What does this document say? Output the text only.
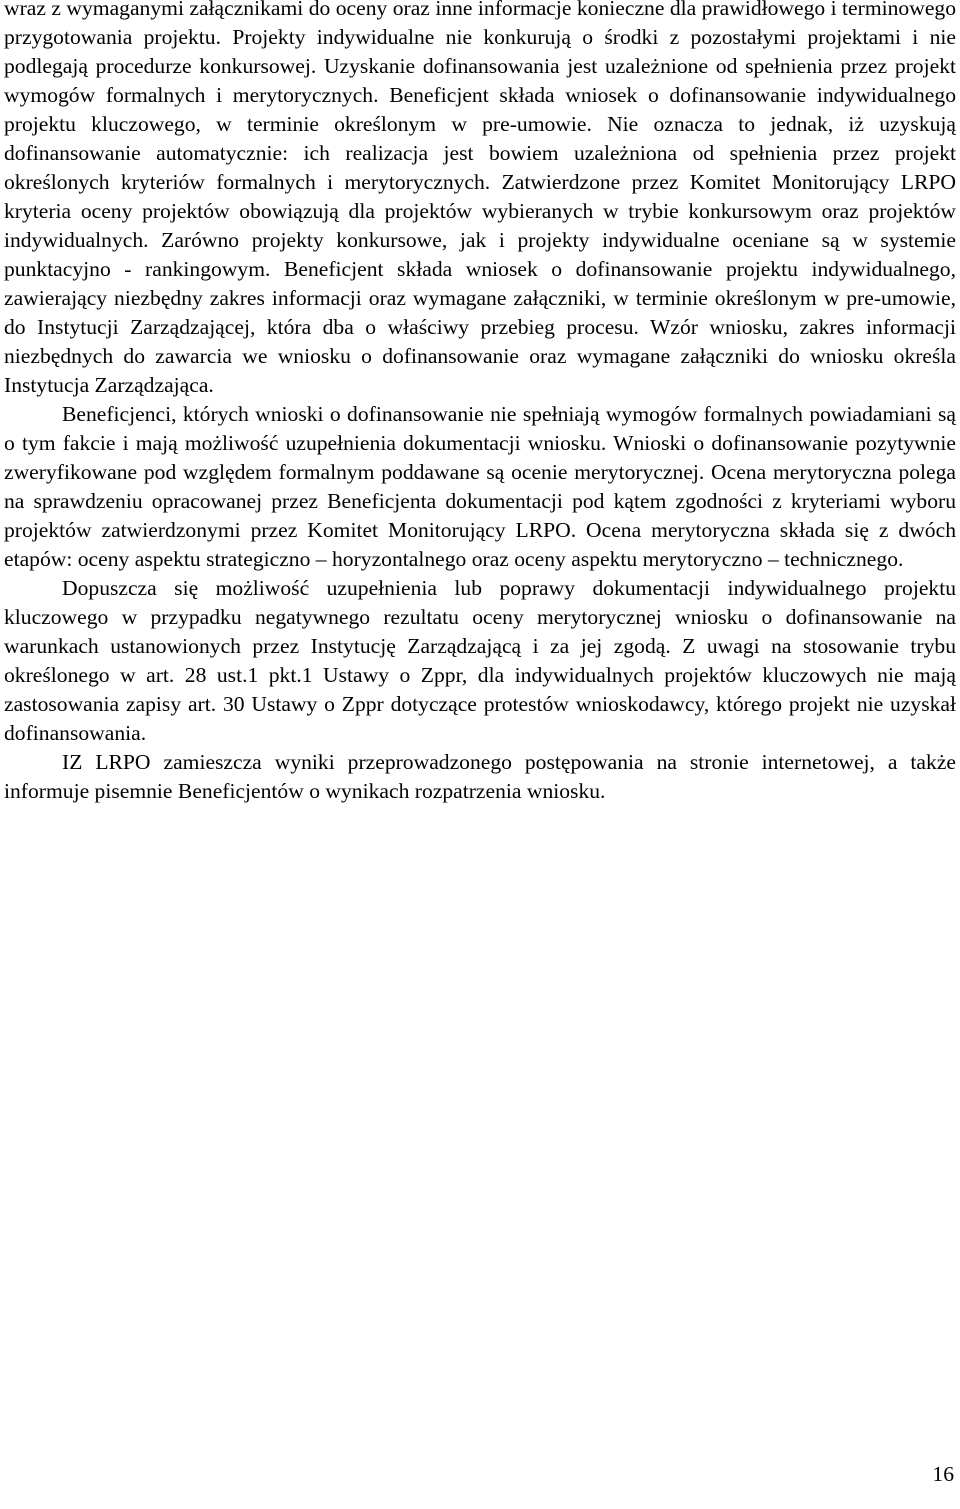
wraz z wymaganymi załącznikami do oceny oraz inne informacje konieczne dla prawidłowego i terminowego przygotowania projektu. Projekty indywidualne nie konkurują o środki z pozostałymi projektami i nie podlegają procedurze konkursowej. Uzyskanie dofinansowania jest uzależnione od spełnienia przez projekt wymogów formalnych i merytorycznych. Beneficjent składa wniosek o dofinansowanie indywidualnego projektu kluczowego, w terminie określonym w pre-umowie. Nie oznacza to jednak, iż uzyskują dofinansowanie automatycznie: ich realizacja jest bowiem uzależniona od spełnienia przez projekt określonych kryteriów formalnych i merytorycznych. Zatwierdzone przez Komitet Monitorujący LRPO kryteria oceny projektów obowiązują dla projektów wybieranych w trybie konkursowym oraz projektów indywidualnych. Zarówno projekty konkursowe, jak i projekty indywidualne oceniane są w systemie punktacyjno - rankingowym. Beneficjent składa wniosek o dofinansowanie projektu indywidualnego, zawierający niezbędny zakres informacji oraz wymagane załączniki, w terminie określonym w pre-umowie, do Instytucji Zarządzającej, która dba o właściwy przebieg procesu. Wzór wniosku, zakres informacji niezbędnych do zawarcia we wniosku o dofinansowanie oraz wymagane załączniki do wniosku określa Instytucja Zarządzająca.

Beneficjenci, których wnioski o dofinansowanie nie spełniają wymogów formalnych powiadamiani są o tym fakcie i mają możliwość uzupełnienia dokumentacji wniosku. Wnioski o dofinansowanie pozytywnie zweryfikowane pod względem formalnym poddawane są ocenie merytorycznej. Ocena merytoryczna polega na sprawdzeniu opracowanej przez Beneficjenta dokumentacji pod kątem zgodności z kryteriami wyboru projektów zatwierdzonymi przez Komitet Monitorujący LRPO. Ocena merytoryczna składa się z dwóch etapów: oceny aspektu strategiczno – horyzontalnego oraz oceny aspektu merytoryczno – technicznego.

Dopuszcza się możliwość uzupełnienia lub poprawy dokumentacji indywidualnego projektu kluczowego w przypadku negatywnego rezultatu oceny merytorycznej wniosku o dofinansowanie na warunkach ustanowionych przez Instytucję Zarządzającą i za jej zgodą. Z uwagi na stosowanie trybu określonego w art. 28 ust.1 pkt.1 Ustawy o Zppr, dla indywidualnych projektów kluczowych nie mają zastosowania zapisy art. 30 Ustawy o Zppr dotyczące protestów wnioskodawcy, którego projekt nie uzyskał dofinansowania.

IZ LRPO zamieszcza wyniki przeprowadzonego postępowania na stronie internetowej, a także informuje pisemnie Beneficjentów o wynikach rozpatrzenia wniosku.

16
